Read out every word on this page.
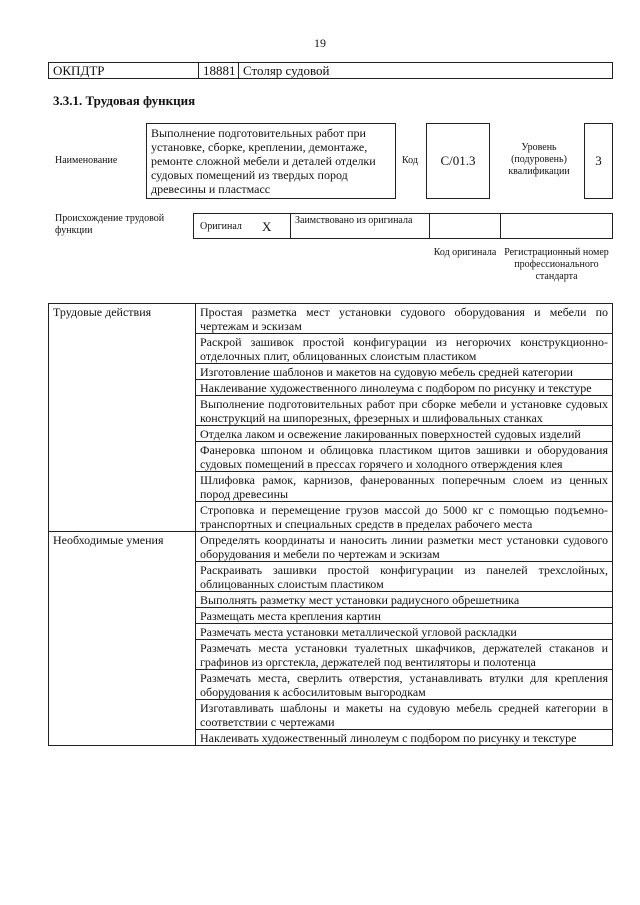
19
ОКПДТР	18881 Столяр судовой
3.3.1. Трудовая функция
Наименование
Выполнение подготовительных работ при установке, сборке, креплении, демонтаже, ремонте сложной мебели и деталей отделки судовых помещений из твердых пород древесины и пластмасс
Код	С/01.3
Уровень (подуровень) квалификации
3
Происхождение трудовой функции	Оригинал Х	Заимствовано из оригинала
Код оригинала Регистрационный номер профессионального стандарта
Трудовые действия	Простая разметка мест установки судового оборудования и мебели по чертежам и эскизам
	Раскрой зашивок простой конфигурации из негорючих конструкционно-отделочных плит, облицованных слоистым пластиком
	Изготовление шаблонов и макетов на судовую мебель средней категории
	Наклеивание художественного линолеума с подбором по рисунку и текстуре
	Выполнение подготовительных работ при сборке мебели и установке судовых конструкций на шипорезных, фрезерных и шлифовальных станках
	Отделка лаком и освежение лакированных поверхностей судовых изделий
	Фанеровка шпоном и облицовка пластиком щитов зашивки и оборудования судовых помещений в прессах горячего и холодного отверждения клея
	Шлифовка рамок, карнизов, фанерованных поперечным слоем из ценных пород древесины
	Строповка и перемещение грузов массой до 5000 кг с помощью подъемно-транспортных и специальных средств в пределах рабочего места
Необходимые умения	Определять координаты и наносить линии разметки мест установки судового оборудования и мебели по чертежам и эскизам
	Раскраивать зашивки простой конфигурации из панелей трехслойных, облицованных слоистым пластиком
	Выполнять разметку мест установки радиусного обрешетника
	Размещать места крепления картин
	Размечать места установки металлической угловой раскладки
	Размечать места установки туалетных шкафчиков, держателей стаканов и графинов из оргстекла, держателей под вентиляторы и полотенца
	Размечать места, сверлить отверстия, устанавливать втулки для крепления оборудования к асбосилитовым выгородкам
	Изготавливать шаблоны и макеты на судовую мебель средней категории в соответствии с чертежами
	Наклеивать художественный линолеум с подбором по рисунку и текстуре
